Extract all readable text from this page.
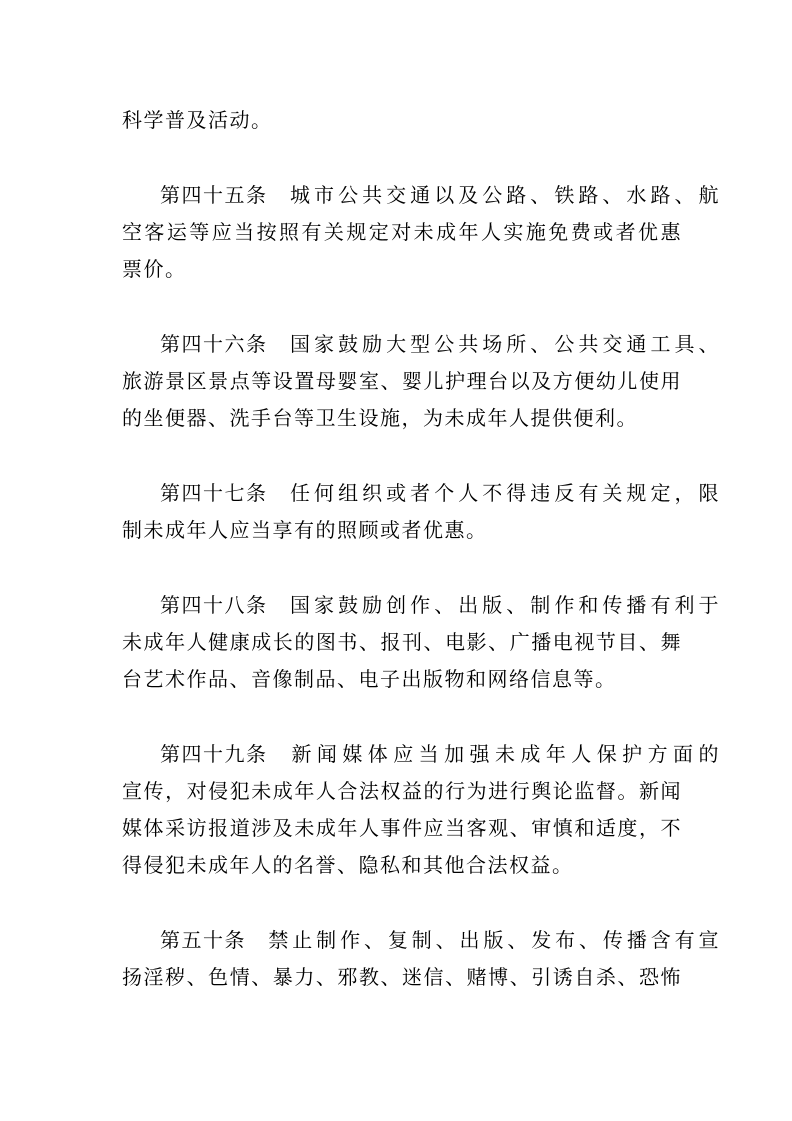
科学普及活动。
第四十五条 城市公共交通以及公路、铁路、水路、航
空客运等应当按照有关规定对未成年人实施免费或者优惠
票价。
第四十六条 国家鼓励大型公共场所、公共交通工具、
旅游景区景点等设置母婴室、婴儿护理台以及方便幼儿使用
的坐便器、洗手台等卫生设施，为未成年人提供便利。
第四十七条 任何组织或者个人不得违反有关规定，限
制未成年人应当享有的照顾或者优惠。
第四十八条 国家鼓励创作、出版、制作和传播有利于
未成年人健康成长的图书、报刊、电影、广播电视节目、舞
台艺术作品、音像制品、电子出版物和网络信息等。
第四十九条 新闻媒体应当加强未成年人保护方面的
宣传，对侵犯未成年人合法权益的行为进行舆论监督。新闻
媒体采访报道涉及未成年人事件应当客观、审慎和适度，不
得侵犯未成年人的名誉、隐私和其他合法权益。
第五十条 禁止制作、复制、出版、发布、传播含有宣
扬淫秽、色情、暴力、邪教、迷信、赌博、引诱自杀、恐怖
